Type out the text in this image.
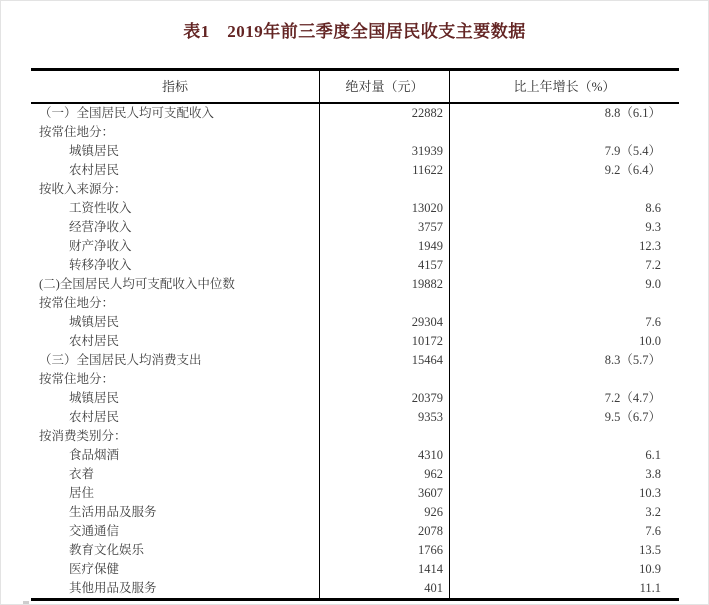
表1　2019年前三季度全国居民收支主要数据
指标	绝对量（元）	比上年增长（%）
（一）全国居民人均可支配收入	22882	8.8（6.1）
按常住地分：
城镇居民	31939	7.9（5.4）
农村居民	11622	9.2（6.4）
按收入来源分：
工资性收入	13020	8.6
经营净收入	3757	9.3
财产净收入	1949	12.3
转移净收入	4157	7.2
(二)全国居民人均可支配收入中位数	19882	9.0
按常住地分：
城镇居民	29304	7.6
农村居民	10172	10.0
（三）全国居民人均消费支出	15464	8.3（5.7）
按常住地分：
城镇居民	20379	7.2（4.7）
农村居民	9353	9.5（6.7）
按消费类别分：
食品烟酒	4310	6.1
衣着	962	3.8
居住	3607	10.3
生活用品及服务	926	3.2
交通通信	2078	7.6
教育文化娱乐	1766	13.5
医疗保健	1414	10.9
其他用品及服务	401	11.1
